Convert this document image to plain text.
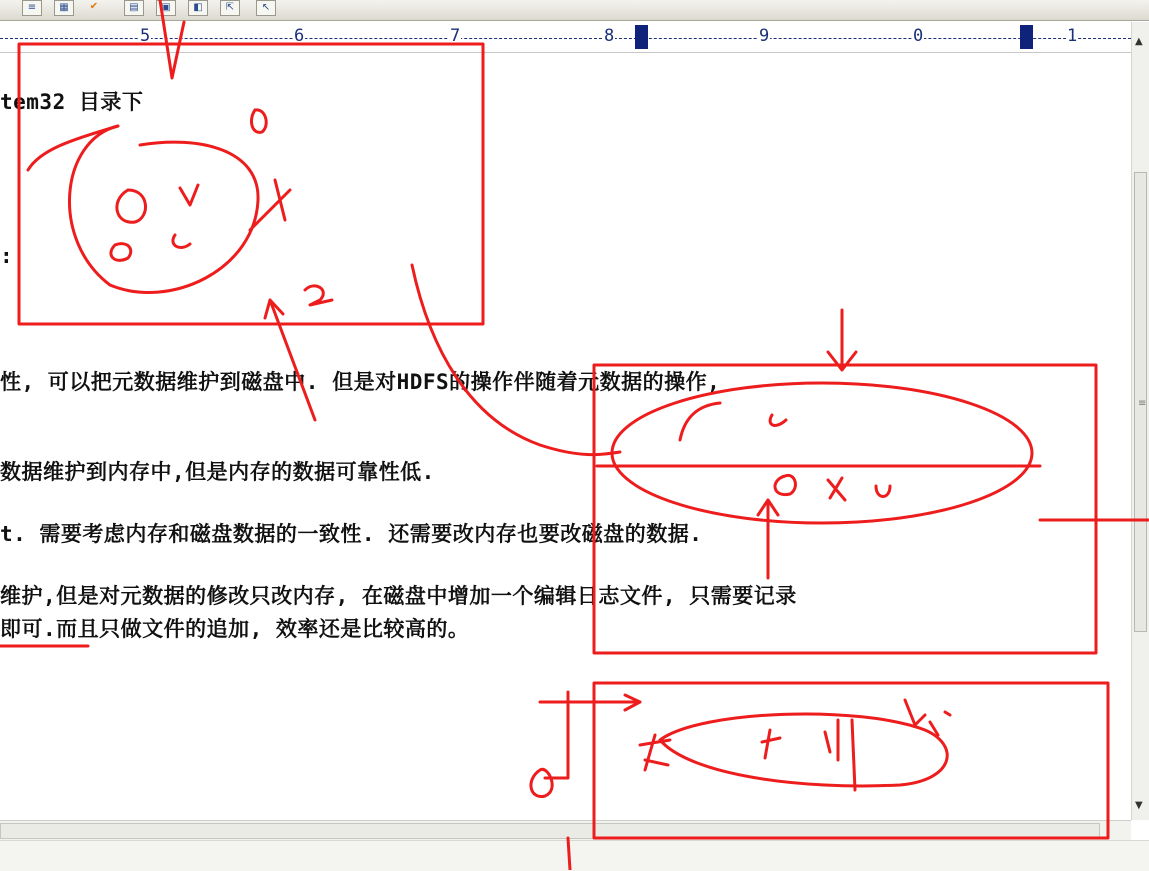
≡	▦	✔	▤	▣	◧	⇱	↖
5	6	7	8	9	0	1	▲
≡
▼
tem32 目录下
:
性, 可以把元数据维护到磁盘中. 但是对HDFS的操作伴随着元数据的操作,
数据维护到内存中,但是内存的数据可靠性低.
t. 需要考虑内存和磁盘数据的一致性. 还需要改内存也要改磁盘的数据.
维护,但是对元数据的修改只改内存, 在磁盘中增加一个编辑日志文件, 只需要记录
即可.而且只做文件的追加, 效率还是比较高的。
